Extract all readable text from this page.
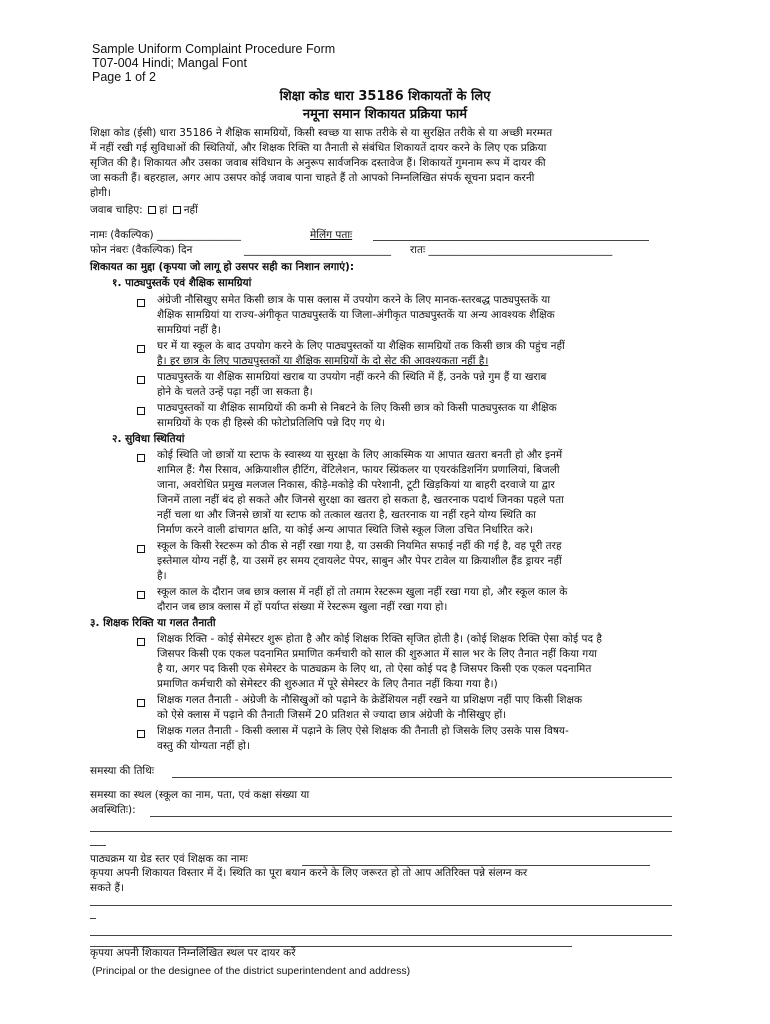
Sample Uniform Complaint Procedure Form
T07-004 Hindi; Mangal Font
Page 1 of 2
शिक्षा कोड धारा 35186 शिकायतों के लिए
नमूना समान शिकायत प्रक्रिया फार्म
शिक्षा कोड (ईसी) धारा 35186 ने शैक्षिक सामग्रियों, किसी स्वच्छ या साफ तरीके से या सुरक्षित तरीके से या अच्छी मरम्मत
में नहीं रखी गई सुविधाओं की स्थितियों, और शिक्षक रिक्ति या तैनाती से संबंधित शिकायतें दायर करने के लिए एक प्रक्रिया
सृजित की है। शिकायत और उसका जवाब संविधान के अनुरूप सार्वजनिक दस्तावेज हैं। शिकायतें गुमनाम रूप में दायर की
जा सकती हैं। बहरहाल, अगर आप उसपर कोई जवाब पाना चाहते हैं तो आपको निम्नलिखित संपर्क सूचना प्रदान करनी
होगी।
जवाब चाहिए: हां नहीं
नामः (वैकल्पिक) ________________	मेलिंग पताः
फोन नंबरः (वैकल्पिक) दिन	____________________________ रातः ___________________________________
शिकायत का मुद्दा (कृपया जो लागू हो उसपर सही का निशान लगाएं):
१. पाठ्यपुस्तकें एवं शैक्षिक सामग्रियां
अंग्रेजी नौसिखुए समेत किसी छात्र के पास क्लास में उपयोग करने के लिए मानक-स्तरबद्ध पाठ्यपुस्तकें या
शैक्षिक सामग्रियां या राज्य-अंगीकृत पाठ्यपुस्तकें या जिला-अंगीकृत पाठ्यपुस्तकें या अन्य आवश्यक शैक्षिक
सामग्रियां नहीं है।
घर में या स्कूल के बाद उपयोग करने के लिए पाठ्यपुस्तकों या शैक्षिक सामग्रियों तक किसी छात्र की पहुंच नहीं
है। हर छात्र के लिए पाठ्यपुस्तकों या शैक्षिक सामग्रियों के दो सेट की आवश्यकता नहीं है।
पाठ्यपुस्तकें या शैक्षिक सामग्रियां खराब या उपयोग नहीं करने की स्थिति में हैं, उनके पन्ने गुम हैं या खराब
होने के चलते उन्हें पढ़ा नहीं जा सकता है।
पाठ्यपुस्तकों या शैक्षिक सामग्रियों की कमी से निबटने के लिए किसी छात्र को किसी पाठ्यपुस्तक या शैक्षिक
सामग्रियों के एक ही हिस्से की फोटोप्रतिलिपि पन्ने दिए गए थे।
२. सुविधा स्थितियां
कोई स्थिति जो छात्रों या स्टाफ के स्वास्थ्य या सुरक्षा के लिए आकस्मिक या आपात खतरा बनती हो और इनमें
शामिल हैं: गैस रिसाव, अक्रियाशील हीटिंग, वेंटिलेशन, फायर स्प्रिंकलर या एयरकंडिशनिंग प्रणालियां, बिजली
जाना, अवरोधित प्रमुख मलजल निकास, कीड़े-मकोड़े की परेशानी, टूटी खिड़कियां या बाहरी दरवाजे या द्वार
जिनमें ताला नहीं बंद हो सकते और जिनसे सुरक्षा का खतरा हो सकता है, खतरनाक पदार्थ जिनका पहले पता
नहीं चला था और जिनसे छात्रों या स्टाफ को तत्काल खतरा है, खतरनाक या नहीं रहने योग्य स्थिति का
निर्माण करने वाली ढांचागत क्षति, या कोई अन्य आपात स्थिति जिसे स्कूल जिला उचित निर्धारित करे।
स्कूल के किसी रेस्टरूम को ठीक से नहीं रखा गया है, या उसकी नियमित सफाई नहीं की गई है, वह पूरी तरह
इस्तेमाल योग्य नहीं है, या उसमें हर समय ट्वायलेट पेपर, साबुन और पेपर टावेल या क्रियाशील हैंड ड्रायर नहीं
है।
स्कूल काल के दौरान जब छात्र क्लास में नहीं हों तो तमाम रेस्टरूम खुला नहीं रखा गया हो, और स्कूल काल के
दौरान जब छात्र क्लास में हों पर्याप्त संख्या में रेस्टरूम खुला नहीं रखा गया हो।
३. शिक्षक रिक्ति या गलत तैनाती
शिक्षक रिक्ति - कोई सेमेस्टर शुरू होता है और कोई शिक्षक रिक्ति सृजित होती है। (कोई शिक्षक रिक्ति ऐसा कोई पद है
जिसपर किसी एक एकल पदनामित प्रमाणित कर्मचारी को साल की शुरुआत में साल भर के लिए तैनात नहीं किया गया
है या, अगर पद किसी एक सेमेस्टर के पाठ्यक्रम के लिए था, तो ऐसा कोई पद है जिसपर किसी एक एकल पदनामित
प्रमाणित कर्मचारी को सेमेस्टर की शुरुआत में पूरे सेमेस्टर के लिए तैनात नहीं किया गया है।)
शिक्षक गलत तैनाती - अंग्रेजी के नौसिखुओं को पढ़ाने के क्रेडेंशियल नहीं रखने या प्रशिक्षण नहीं पाए किसी शिक्षक
को ऐसे क्लास में पढ़ाने की तैनाती जिसमें 20 प्रतिशत से ज्यादा छात्र अंग्रेजी के नौसिखुए हों।
शिक्षक गलत तैनाती - किसी क्लास में पढ़ाने के लिए ऐसे शिक्षक की तैनाती हो जिसके लिए उसके पास विषय-
वस्तु की योग्यता नहीं हो।
समस्या की तिथिः
समस्या का स्थल (स्कूल का नाम, पता, एवं कक्षा संख्या या
अवस्थितिः):
पाठ्यक्रम या ग्रेड स्तर एवं शिक्षक का नामः
कृपया अपनी शिकायत विस्तार में दें। स्थिति का पूरा बयान करने के लिए जरूरत हो तो आप अतिरिक्त पन्ने संलग्न कर
सकते हैं।
कृपया अपनी शिकायत निम्नलिखित स्थल पर दायर करें
(Principal or the designee of the district superintendent and address)
